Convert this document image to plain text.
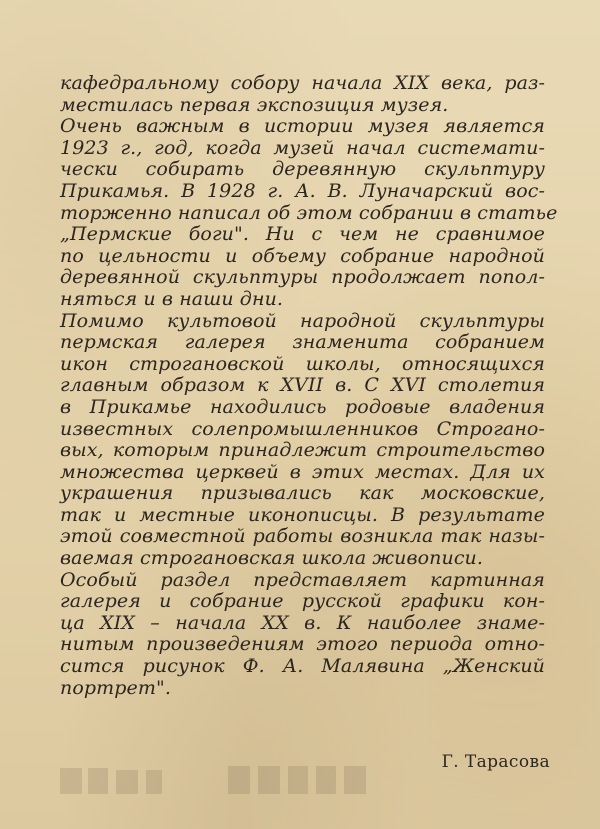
кафедральному собору начала XIX века, раз-
местилась первая экспозиция музея.
Очень важным в истории музея является
1923 г., год, когда музей начал системати-
чески собирать деревянную скульптуру
Прикамья. В 1928 г. А. В. Луначарский вос-
торженно написал об этом собрании в статье
„Пермские боги". Ни с чем не сравнимое
по цельности и объему собрание народной
деревянной скульптуры продолжает попол-
няться и в наши дни.
Помимо культовой народной скульптуры
пермская галерея знаменита собранием
икон строгановской школы, относящихся
главным образом к XVII в. С XVI столетия
в Прикамье находились родовые владения
известных солепромышленников Строгано-
вых, которым принадлежит строительство
множества церквей в этих местах. Для их
украшения призывались как московские,
так и местные иконописцы. В результате
этой совместной работы возникла так назы-
ваемая строгановская школа живописи.
Особый раздел представляет картинная
галерея и собрание русской графики кон-
ца XIX – начала XX в. К наиболее знаме-
нитым произведениям этого периода отно-
сится рисунок Ф. А. Малявина „Женский
портрет".
Г. Тарасова
